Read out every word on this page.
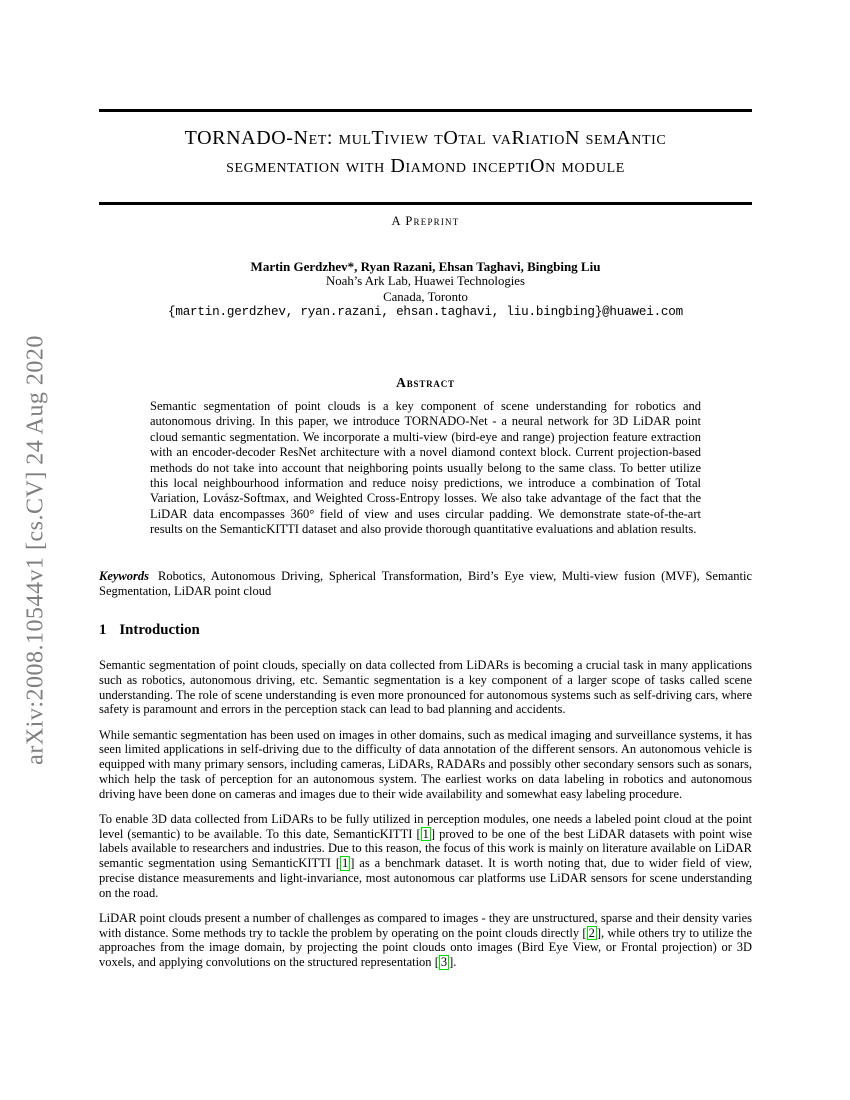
arXiv:2008.10544v1 [cs.CV] 24 Aug 2020
TORNADO-Net: mulTiview tOtal vaRiatioN semAntic
segmentation with Diamond inceptiOn module
A Preprint
Martin Gerdzhev*, Ryan Razani, Ehsan Taghavi, Bingbing Liu
Noah’s Ark Lab, Huawei Technologies
Canada, Toronto
{martin.gerdzhev, ryan.razani, ehsan.taghavi, liu.bingbing}@huawei.com
Abstract
Semantic segmentation of point clouds is a key component of scene understanding for robotics and autonomous driving. In this paper, we introduce TORNADO-Net - a neural network for 3D LiDAR point cloud semantic segmentation. We incorporate a multi-view (bird-eye and range) projection feature extraction with an encoder-decoder ResNet architecture with a novel diamond context block. Current projection-based methods do not take into account that neighboring points usually belong to the same class. To better utilize this local neighbourhood information and reduce noisy predictions, we introduce a combination of Total Variation, Lovász-Softmax, and Weighted Cross-Entropy losses. We also take advantage of the fact that the LiDAR data encompasses 360° field of view and uses circular padding. We demonstrate state-of-the-art results on the SemanticKITTI dataset and also provide thorough quantitative evaluations and ablation results.
Keywords Robotics, Autonomous Driving, Spherical Transformation, Bird’s Eye view, Multi-view fusion (MVF), Semantic Segmentation, LiDAR point cloud
1 Introduction

Semantic segmentation of point clouds, specially on data collected from LiDARs is becoming a crucial task in many applications such as robotics, autonomous driving, etc. Semantic segmentation is a key component of a larger scope of tasks called scene understanding. The role of scene understanding is even more pronounced for autonomous systems such as self-driving cars, where safety is paramount and errors in the perception stack can lead to bad planning and accidents.

While semantic segmentation has been used on images in other domains, such as medical imaging and surveillance systems, it has seen limited applications in self-driving due to the difficulty of data annotation of the different sensors. An autonomous vehicle is equipped with many primary sensors, including cameras, LiDARs, RADARs and possibly other secondary sensors such as sonars, which help the task of perception for an autonomous system. The earliest works on data labeling in robotics and autonomous driving have been done on cameras and images due to their wide availability and somewhat easy labeling procedure.

To enable 3D data collected from LiDARs to be fully utilized in perception modules, one needs a labeled point cloud at the point level (semantic) to be available. To this date, SemanticKITTI [ 1 ] proved to be one of the best LiDAR datasets with point wise labels available to researchers and industries. Due to this reason, the focus of this work is mainly on literature available on LiDAR semantic segmentation using SemanticKITTI [ 1 ] as a benchmark dataset. It is worth noting that, due to wider field of view, precise distance measurements and light-invariance, most autonomous car platforms use LiDAR sensors for scene understanding on the road.

LiDAR point clouds present a number of challenges as compared to images - they are unstructured, sparse and their density varies with distance. Some methods try to tackle the problem by operating on the point clouds directly [ 2 ], while others try to utilize the approaches from the image domain, by projecting the point clouds onto images (Bird Eye View, or Frontal projection) or 3D voxels, and applying convolutions on the structured representation [ 3 ].
